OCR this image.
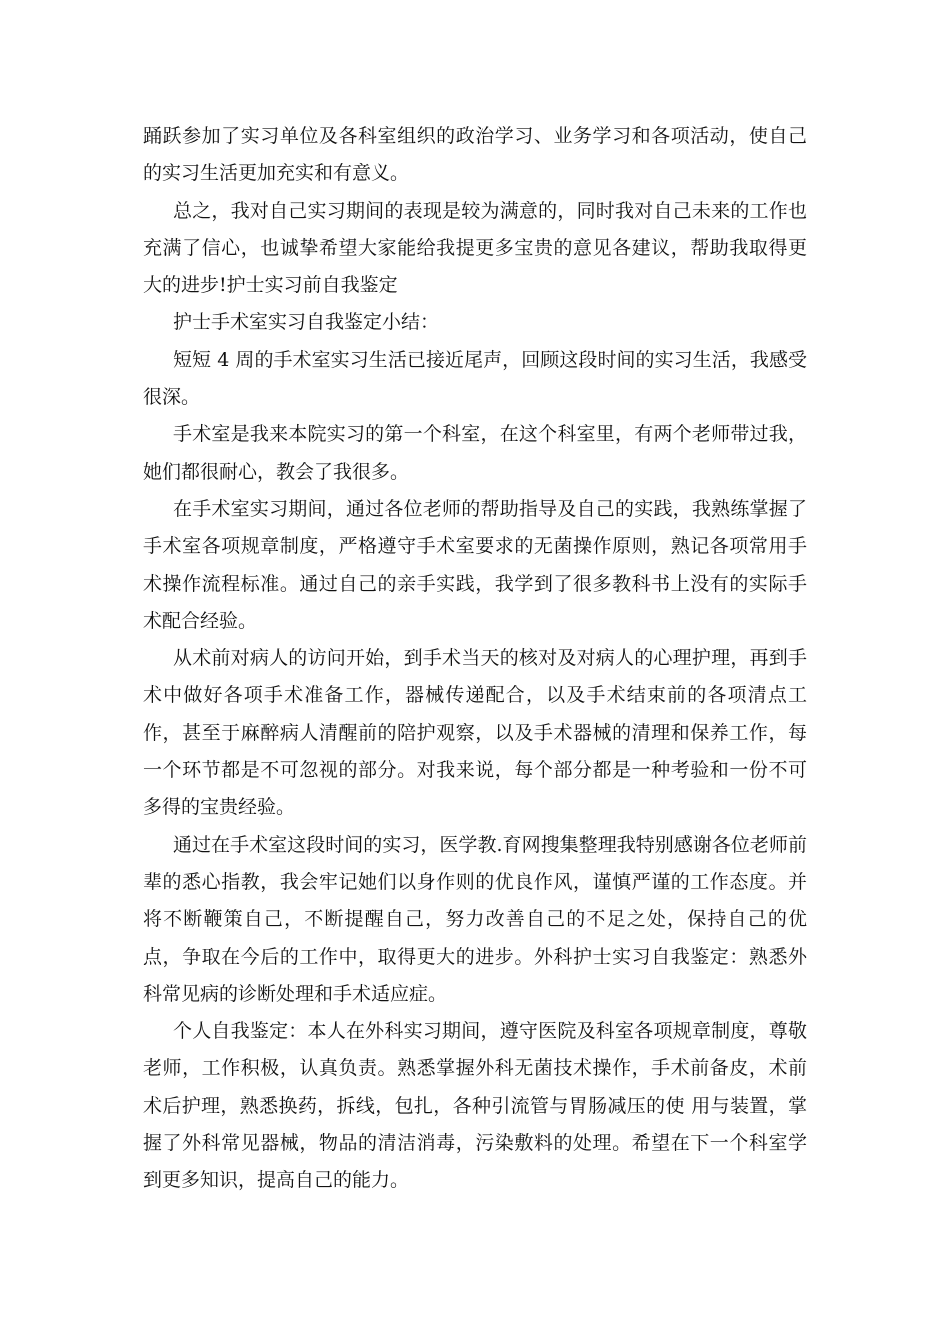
踊跃参加了实习单位及各科室组织的政治学习、业务学习和各项活动，使自己的实习生活更加充实和有意义。

总之，我对自己实习期间的表现是较为满意的，同时我对自己未来的工作也充满了信心，也诚挚希望大家能给我提更多宝贵的意见各建议，帮助我取得更大的进步!护士实习前自我鉴定

护士手术室实习自我鉴定小结：

短短 4 周的手术室实习生活已接近尾声，回顾这段时间的实习生活，我感受很深。

手术室是我来本院实习的第一个科室，在这个科室里，有两个老师带过我，她们都很耐心，教会了我很多。

在手术室实习期间，通过各位老师的帮助指导及自己的实践，我熟练掌握了手术室各项规章制度，严格遵守手术室要求的无菌操作原则，熟记各项常用手术操作流程标准。通过自己的亲手实践，我学到了很多教科书上没有的实际手术配合经验。

从术前对病人的访问开始，到手术当天的核对及对病人的心理护理，再到手术中做好各项手术准备工作，器械传递配合，以及手术结束前的各项清点工作，甚至于麻醉病人清醒前的陪护观察，以及手术器械的清理和保养工作，每一个环节都是不可忽视的部分。对我来说，每个部分都是一种考验和一份不可多得的宝贵经验。

通过在手术室这段时间的实习，医学教.育网搜集整理我特别感谢各位老师前辈的悉心指教，我会牢记她们以身作则的优良作风，谨慎严谨的工作态度。并将不断鞭策自己，不断提醒自己，努力改善自己的不足之处，保持自己的优点，争取在今后的工作中，取得更大的进步。外科护士实习自我鉴定：熟悉外科常见病的诊断处理和手术适应症。

个人自我鉴定：本人在外科实习期间，遵守医院及科室各项规章制度，尊敬老师，工作积极，认真负责。熟悉掌握外科无菌技术操作，手术前备皮，术前术后护理，熟悉换药，拆线，包扎，各种引流管与胃肠减压的使 用与装置，掌握了外科常见器械，物品的清洁消毒，污染敷料的处理。希望在下一个科室学到更多知识，提高自己的能力。
